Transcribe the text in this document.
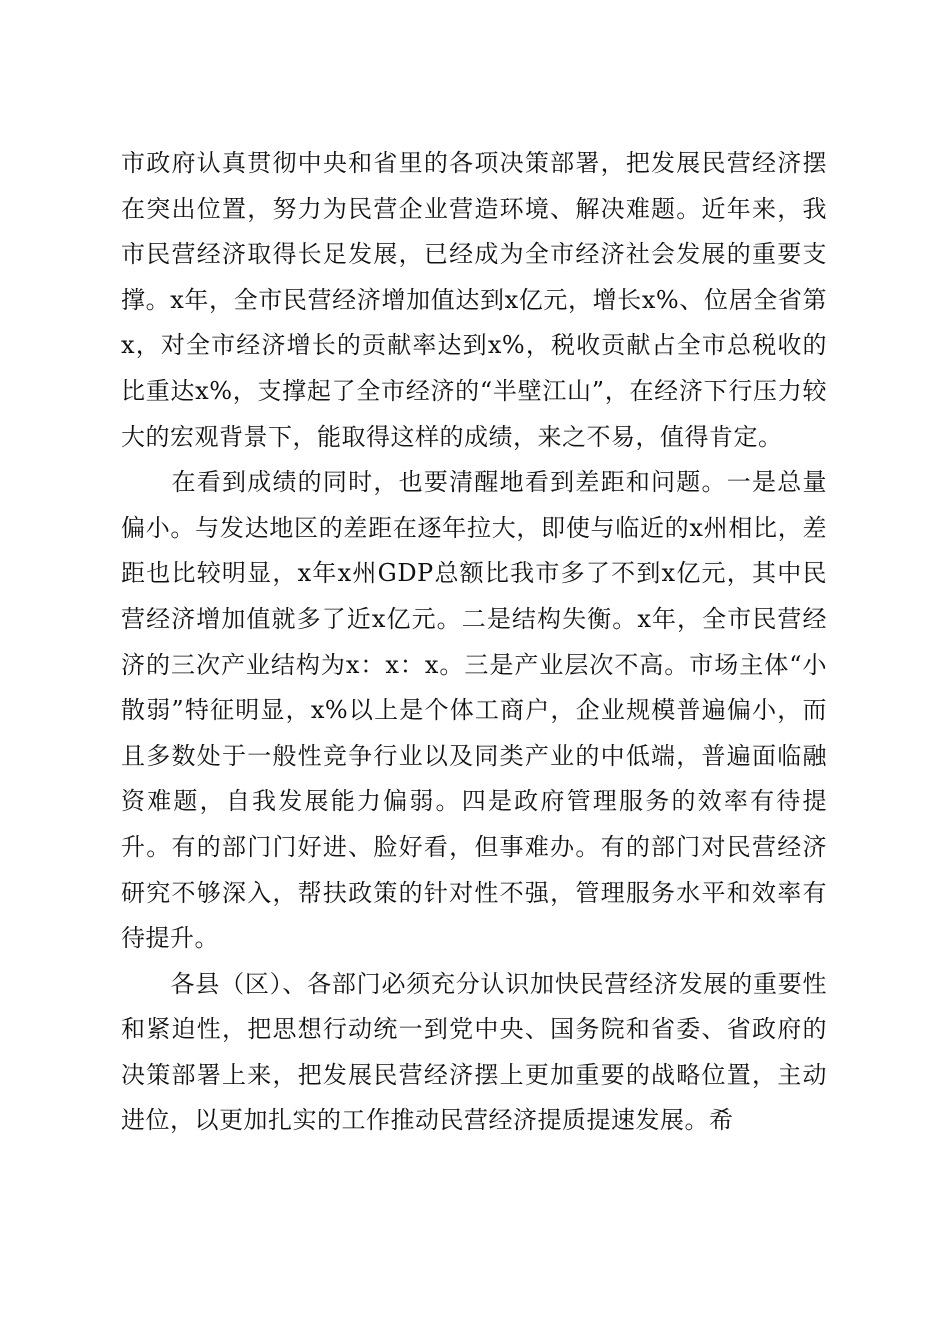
市政府认真贯彻中央和省里的各项决策部署，把发展民营经济摆在突出位置，努力为民营企业营造环境、解决难题。近年来，我市民营经济取得长足发展，已经成为全市经济社会发展的重要支撑。x年，全市民营经济增加值达到x亿元，增长x%、位居全省第x，对全市经济增长的贡献率达到x%，税收贡献占全市总税收的比重达x%，支撑起了全市经济的“半壁江山”，在经济下行压力较大的宏观背景下，能取得这样的成绩，来之不易，值得肯定。

　　在看到成绩的同时，也要清醒地看到差距和问题。一是总量偏小。与发达地区的差距在逐年拉大，即使与临近的x州相比，差距也比较明显，x年x州GDP总额比我市多了不到x亿元，其中民营经济增加值就多了近x亿元。二是结构失衡。x年，全市民营经济的三次产业结构为x：x：x。三是产业层次不高。市场主体“小散弱”特征明显，x%以上是个体工商户，企业规模普遍偏小，而且多数处于一般性竞争行业以及同类产业的中低端，普遍面临融资难题，自我发展能力偏弱。四是政府管理服务的效率有待提升。有的部门门好进、脸好看，但事难办。有的部门对民营经济研究不够深入，帮扶政策的针对性不强，管理服务水平和效率有待提升。

　　各县（区）、各部门必须充分认识加快民营经济发展的重要性和紧迫性，把思想行动统一到党中央、国务院和省委、省政府的决策部署上来，把发展民营经济摆上更加重要的战略位置，主动进位，以更加扎实的工作推动民营经济提质提速发展。希
